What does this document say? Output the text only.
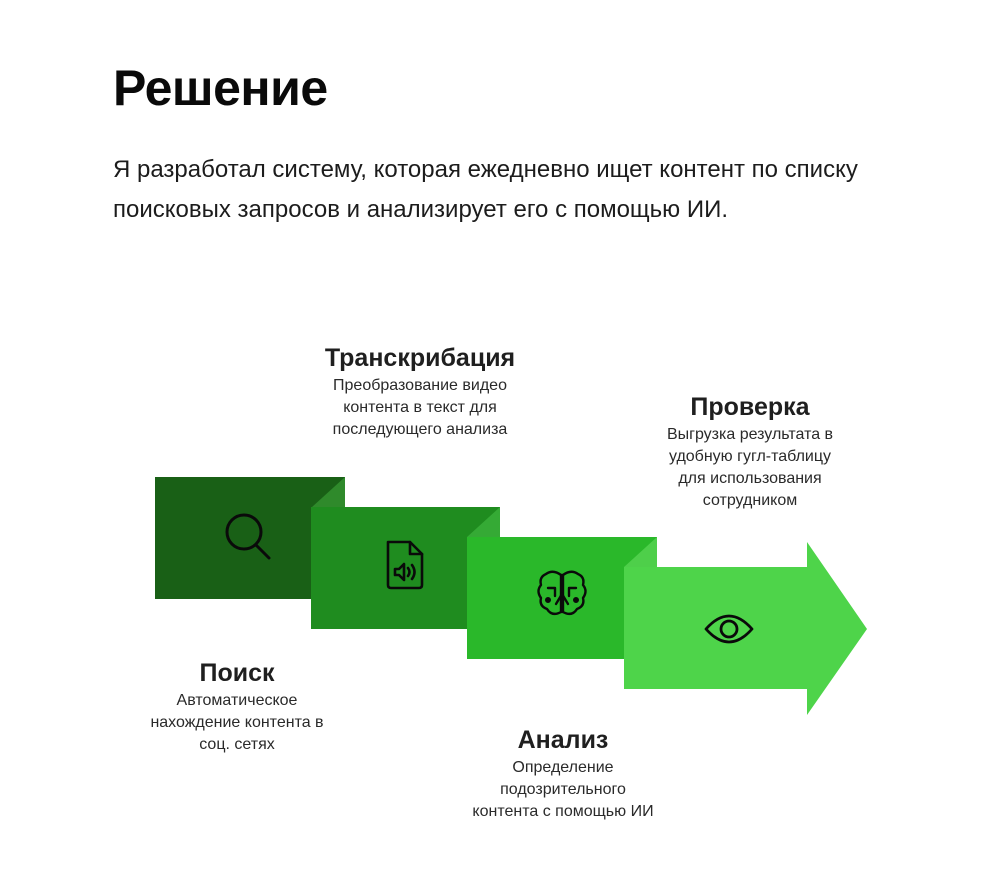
Решение

Я разработал систему, которая ежедневно ищет контент по списку поисковых запросов и анализирует его с помощью ИИ.

Поиск
Автоматическое
нахождение контента в
соц. сетях
Транскрибация
Преобразование видео
контента в текст для
последующего анализа
Анализ
Определение
подозрительного
контента с помощью ИИ
Проверка
Выгрузка результата в
удобную гугл-таблицу
для использования
сотрудником
